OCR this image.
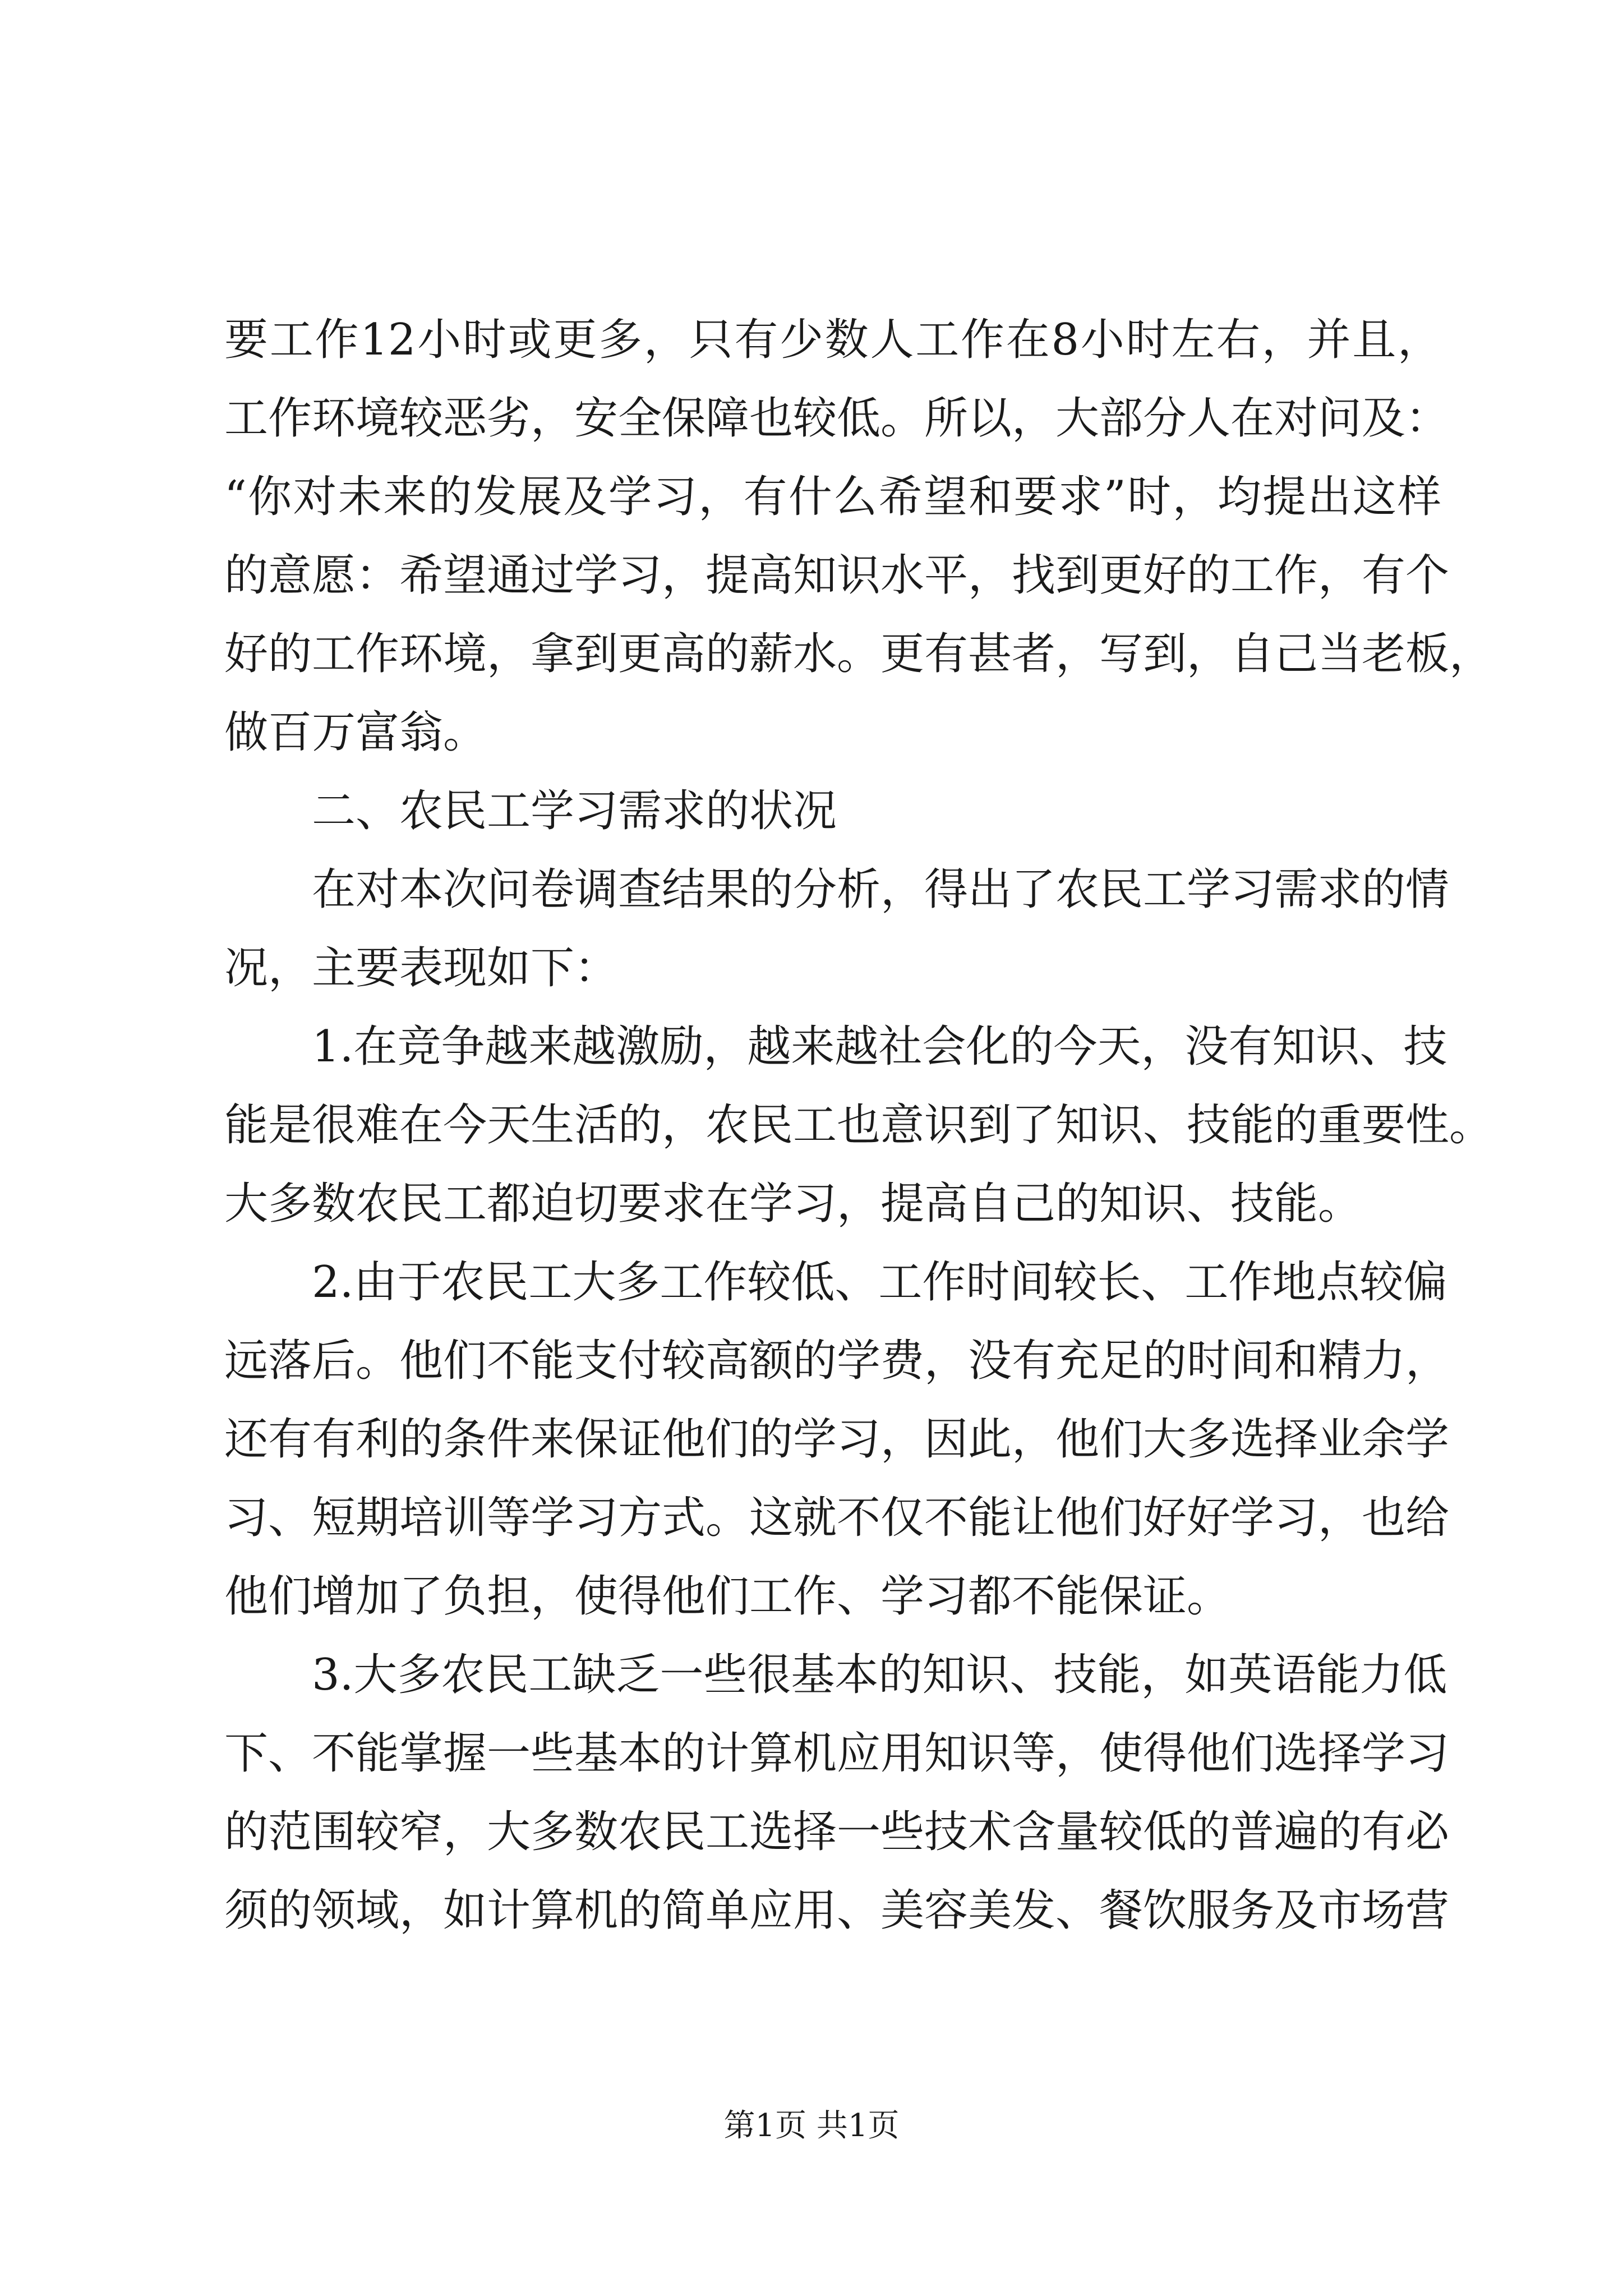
要工作12小时或更多，只有少数人工作在8小时左右，并且，
工作环境较恶劣，安全保障也较低。所以，大部分人在对问及：
“你对未来的发展及学习，有什么希望和要求”时，均提出这样
的意愿：希望通过学习，提高知识水平，找到更好的工作，有个
好的工作环境，拿到更高的薪水。更有甚者，写到，自己当老板，
做百万富翁。
二、农民工学习需求的状况
在对本次问卷调查结果的分析，得出了农民工学习需求的情
况，主要表现如下：
1.在竞争越来越激励，越来越社会化的今天，没有知识、技
能是很难在今天生活的，农民工也意识到了知识、技能的重要性。
大多数农民工都迫切要求在学习，提高自己的知识、技能。
2.由于农民工大多工作较低、工作时间较长、工作地点较偏
远落后。他们不能支付较高额的学费，没有充足的时间和精力，
还有有利的条件来保证他们的学习，因此，他们大多选择业余学
习、短期培训等学习方式。这就不仅不能让他们好好学习，也给
他们增加了负担，使得他们工作、学习都不能保证。
3.大多农民工缺乏一些很基本的知识、技能，如英语能力低
下、不能掌握一些基本的计算机应用知识等，使得他们选择学习
的范围较窄，大多数农民工选择一些技术含量较低的普遍的有必
须的领域，如计算机的简单应用、美容美发、餐饮服务及市场营
第1页 共1页
